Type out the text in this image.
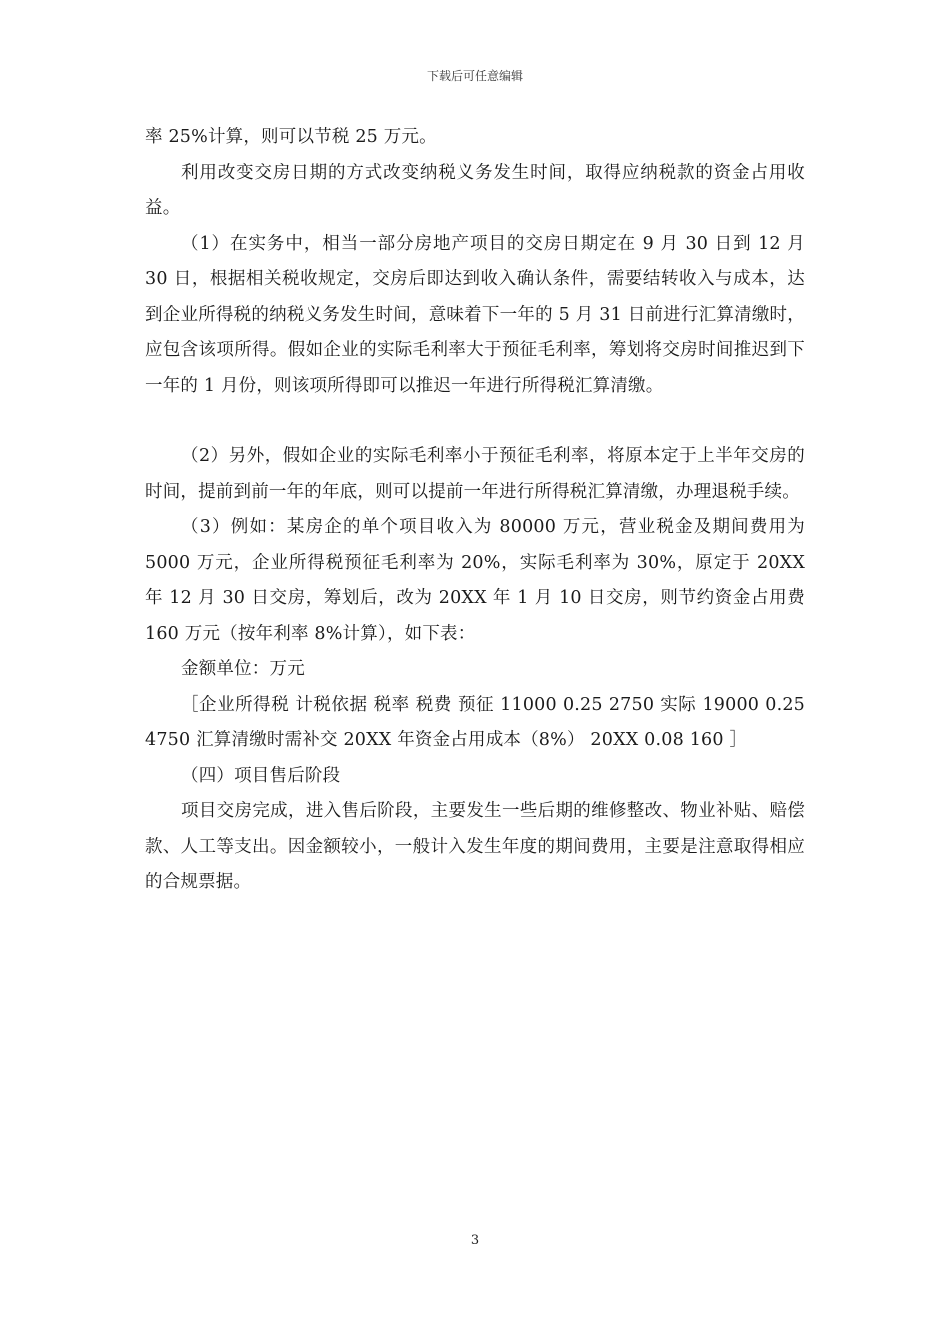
下载后可任意编辑

率 25%计算，则可以节税 25 万元。

利用改变交房日期的方式改变纳税义务发生时间，取得应纳税款的资金占用收益。

（1）在实务中，相当一部分房地产项目的交房日期定在 9 月 30 日到 12 月 30 日，根据相关税收规定，交房后即达到收入确认条件，需要结转收入与成本，达到企业所得税的纳税义务发生时间，意味着下一年的 5 月 31 日前进行汇算清缴时，应包含该项所得。假如企业的实际毛利率大于预征毛利率，筹划将交房时间推迟到下一年的 1 月份，则该项所得即可以推迟一年进行所得税汇算清缴。

（2）另外，假如企业的实际毛利率小于预征毛利率，将原本定于上半年交房的时间，提前到前一年的年底，则可以提前一年进行所得税汇算清缴，办理退税手续。

（3）例如：某房企的单个项目收入为 80000 万元，营业税金及期间费用为 5000 万元，企业所得税预征毛利率为 20%，实际毛利率为 30%，原定于 20XX 年 12 月 30 日交房，筹划后，改为 20XX 年 1 月 10 日交房，则节约资金占用费 160 万元（按年利率 8%计算），如下表：

金额单位：万元

［企业所得税 计税依据 税率 税费 预征 11000 0.25 2750 实际 19000 0.25 4750 汇算清缴时需补交 20XX 年资金占用成本（8%） 20XX 0.08 160 ］

（四）项目售后阶段

项目交房完成，进入售后阶段，主要发生一些后期的维修整改、物业补贴、赔偿款、人工等支出。因金额较小，一般计入发生年度的期间费用，主要是注意取得相应的合规票据。

3
